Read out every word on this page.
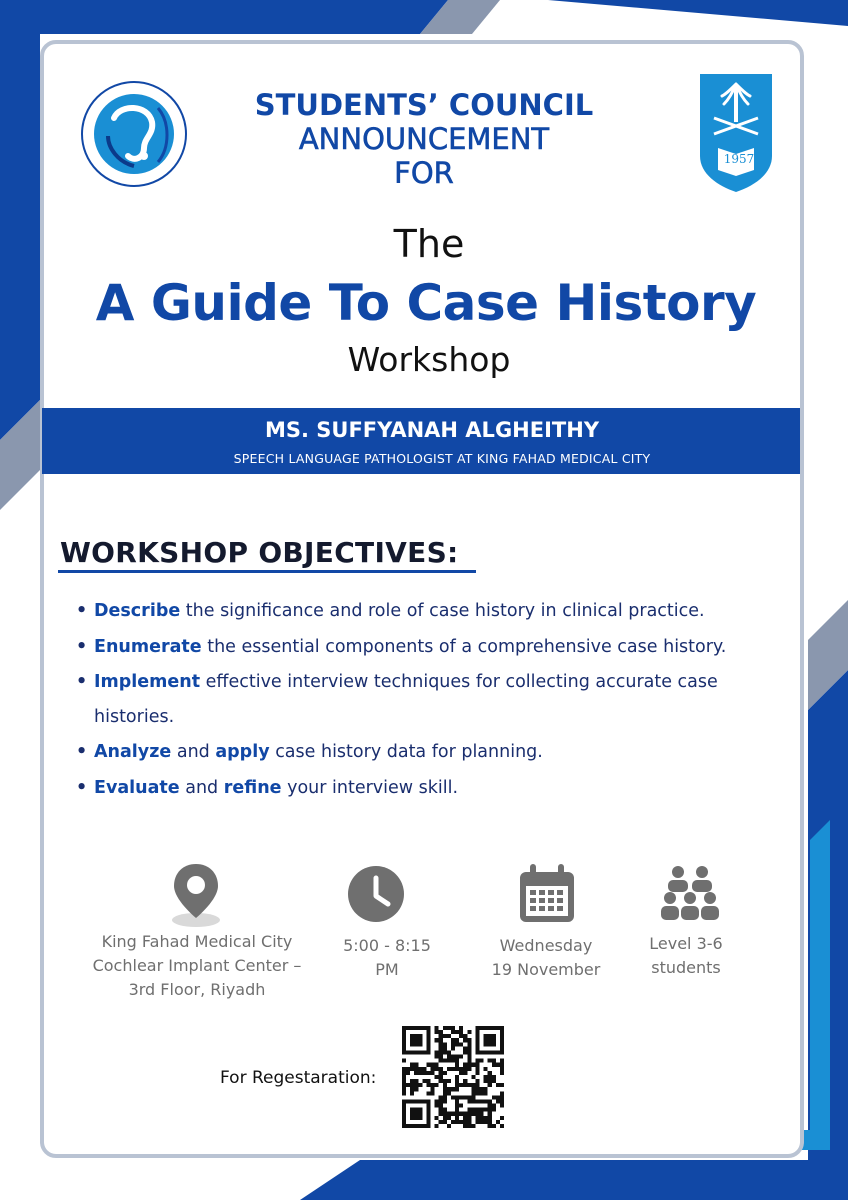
1957
STUDENTS’ COUNCIL
ANNOUNCEMENT
FOR
The
A Guide To Case History
Workshop
MS. SUFFYANAH ALGHEITHY
SPEECH LANGUAGE PATHOLOGIST AT KING FAHAD MEDICAL CITY
WORKSHOP OBJECTIVES:
• Describe the significance and role of case history in clinical practice.
• Enumerate the essential components of a comprehensive case history.
• Implement effective interview techniques for collecting accurate case histories.
• Analyze and apply case history data for planning.
• Evaluate and refine your interview skill.
King Fahad Medical City
Cochlear Implant Center –
3rd Floor, Riyadh
5:00 - 8:15
PM
Wednesday
19 November
Level 3-6
students
For Regestaration:
